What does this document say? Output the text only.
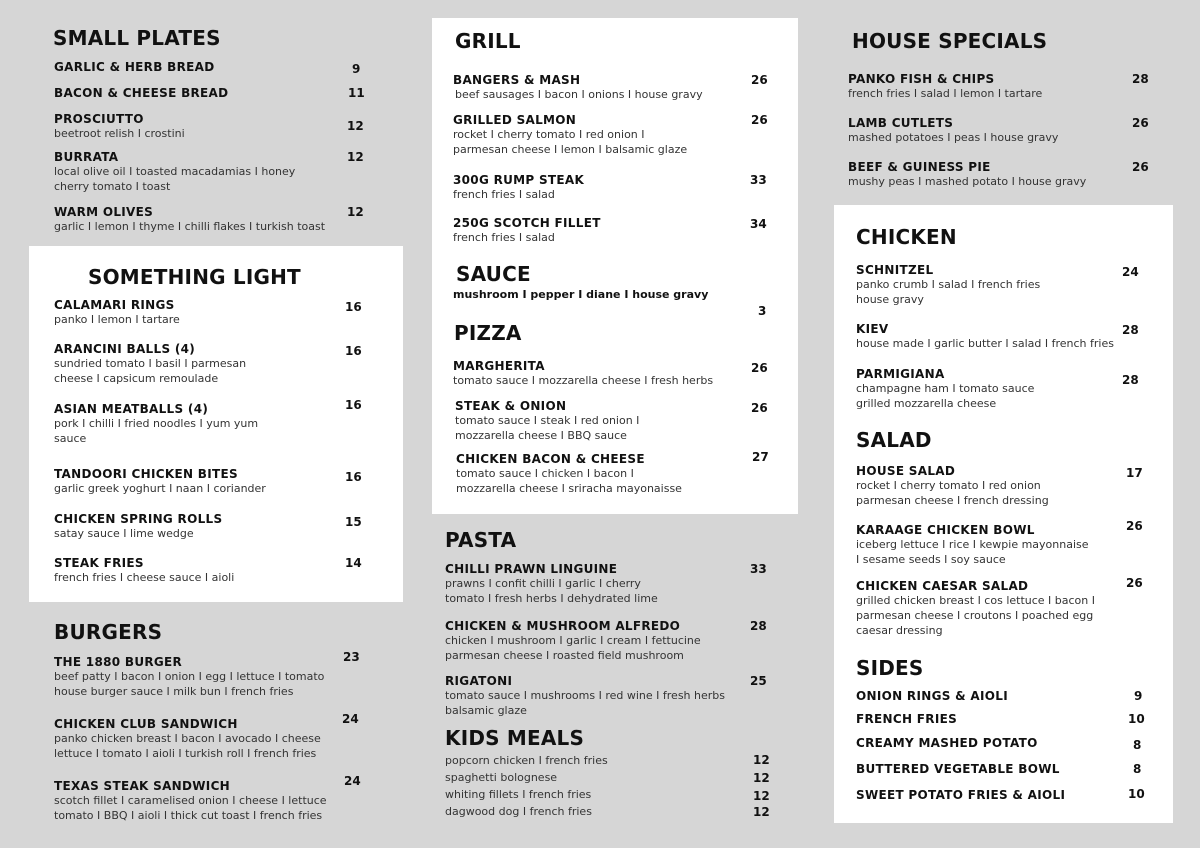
SMALL PLATES
GARLIC & HERB BREAD	9
BACON & CHEESE BREAD	11
PROSCIUTTO
beetroot relish I crostini
12
BURRATA
local olive oil I toasted macadamias I honey
cherry tomato I toast
12
WARM OLIVES
garlic I lemon I thyme I chilli flakes I turkish toast
12
SOMETHING LIGHT
CALAMARI RINGS
panko I lemon I tartare
16
ARANCINI BALLS (4)
sundried tomato I basil I parmesan
cheese I capsicum remoulade
16
ASIAN MEATBALLS (4)
pork I chilli I fried noodles I yum yum
sauce
16
TANDOORI CHICKEN BITES
garlic greek yoghurt I naan I coriander
16
CHICKEN SPRING ROLLS
satay sauce I lime wedge
15
STEAK FRIES
french fries I cheese sauce I aioli
14
BURGERS
THE 1880 BURGER
beef patty I bacon I onion I egg I lettuce I tomato
house burger sauce I milk bun I french fries
23
CHICKEN CLUB SANDWICH
panko chicken breast I bacon I avocado I cheese
lettuce I tomato I aioli I turkish roll I french fries
24
TEXAS STEAK SANDWICH
scotch fillet I caramelised onion I cheese I lettuce
tomato I BBQ I aioli I thick cut toast I french fries
24
GRILL
BANGERS & MASH
beef sausages I bacon I onions I house gravy
26
GRILLED SALMON
rocket I cherry tomato I red onion I
parmesan cheese I lemon I balsamic glaze
26
300G RUMP STEAK
french fries I salad
33
250G SCOTCH FILLET
french fries I salad
34
SAUCE
mushroom I pepper I diane I house gravy
3
PIZZA
MARGHERITA
tomato sauce I mozzarella cheese I fresh herbs
26
STEAK & ONION
tomato sauce I steak I red onion I
mozzarella cheese I BBQ sauce
26
CHICKEN BACON & CHEESE
tomato sauce I chicken I bacon I
mozzarella cheese I sriracha mayonaisse
27
PASTA
CHILLI PRAWN LINGUINE
prawns I confit chilli I garlic I cherry
tomato I fresh herbs I dehydrated lime
33
CHICKEN & MUSHROOM ALFREDO
chicken I mushroom I garlic I cream I fettucine
parmesan cheese I roasted field mushroom
28
RIGATONI
tomato sauce I mushrooms I red wine I fresh herbs
balsamic glaze
25
KIDS MEALS
popcorn chicken I french fries	12
spaghetti bolognese	12
whiting fillets I french fries	12
dagwood dog I french fries	12
HOUSE SPECIALS
PANKO FISH & CHIPS
french fries I salad I lemon I tartare
28
LAMB CUTLETS
mashed potatoes I peas I house gravy
26
BEEF & GUINESS PIE
mushy peas I mashed potato I house gravy
26
CHICKEN
SCHNITZEL
panko crumb I salad I french fries
house gravy
24
KIEV
house made I garlic butter I salad I french fries
28
PARMIGIANA
champagne ham I tomato sauce
grilled mozzarella cheese
28
SALAD
HOUSE SALAD
rocket I cherry tomato I red onion
parmesan cheese I french dressing
17
KARAAGE CHICKEN BOWL
iceberg lettuce I rice I kewpie mayonnaise
I sesame seeds I soy sauce
26
CHICKEN CAESAR SALAD
grilled chicken breast I cos lettuce I bacon I
parmesan cheese I croutons I poached egg
caesar dressing
26
SIDES
ONION RINGS & AIOLI	9
FRENCH FRIES	10
CREAMY MASHED POTATO	8
BUTTERED VEGETABLE BOWL	8
SWEET POTATO FRIES & AIOLI	10
